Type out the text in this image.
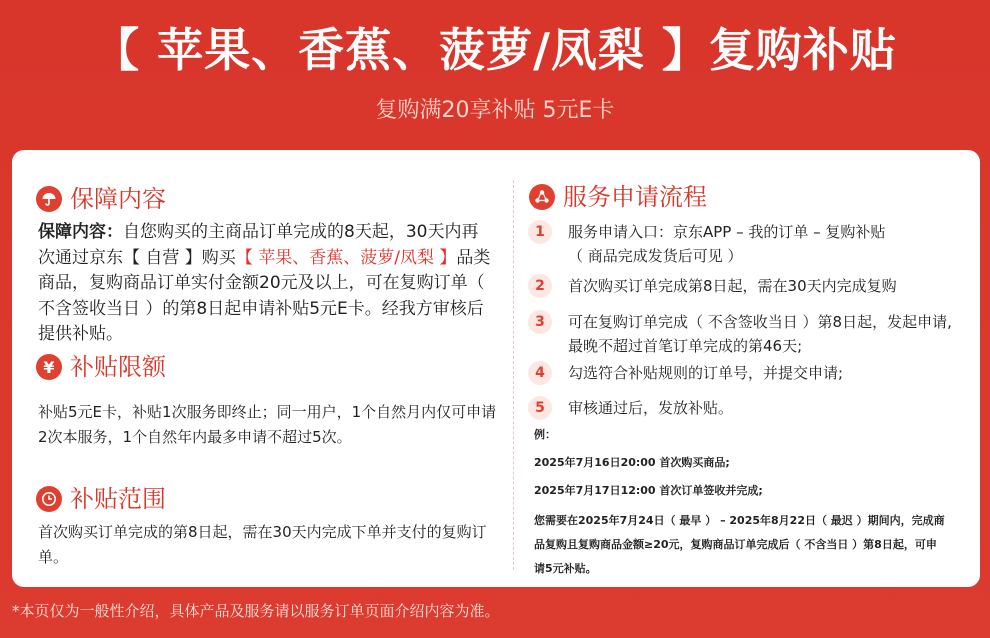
【 苹果、香蕉、菠萝/凤梨 】复购补贴
复购满20享补贴 5元E卡
保障内容
保障内容：自您购买的主商品订单完成的8天起，30天内再次通过京东【 自营 】购买【 苹果、香蕉、菠萝/凤梨 】品类商品，复购商品订单实付金额20元及以上，可在复购订单（ 不含签收当日 ）的第8日起申请补贴5元E卡。经我方审核后提供补贴。
¥ 补贴限额
补贴5元E卡，补贴1次服务即终止；同一用户，1个自然月内仅可申请2次本服务，1个自然年内最多申请不超过5次。
补贴范围
首次购买订单完成的第8日起，需在30天内完成下单并支付的复购订单。
服务申请流程
1	服务申请入口：京东APP – 我的订单 – 复购补贴
（ 商品完成发货后可见 ）
2	首次购买订单完成第8日起，需在30天内完成复购
3	可在复购订单完成（ 不含签收当日 ）第8日起，发起申请,
最晚不超过首笔订单完成的第46天;
4	勾选符合补贴规则的订单号，并提交申请;
5	审核通过后，发放补贴。
例：
2025年7月16日20:00 首次购买商品;
2025年7月17日12:00 首次订单签收并完成;
您需要在2025年7月24日（ 最早 ） – 2025年8月22日（ 最迟 ）期间内，完成商
品复购且复购商品金额≥20元，复购商品订单完成后（ 不含当日 ）第8日起，可申
请5元补贴。
*本页仅为一般性介绍，具体产品及服务请以服务订单页面介绍内容为准。
